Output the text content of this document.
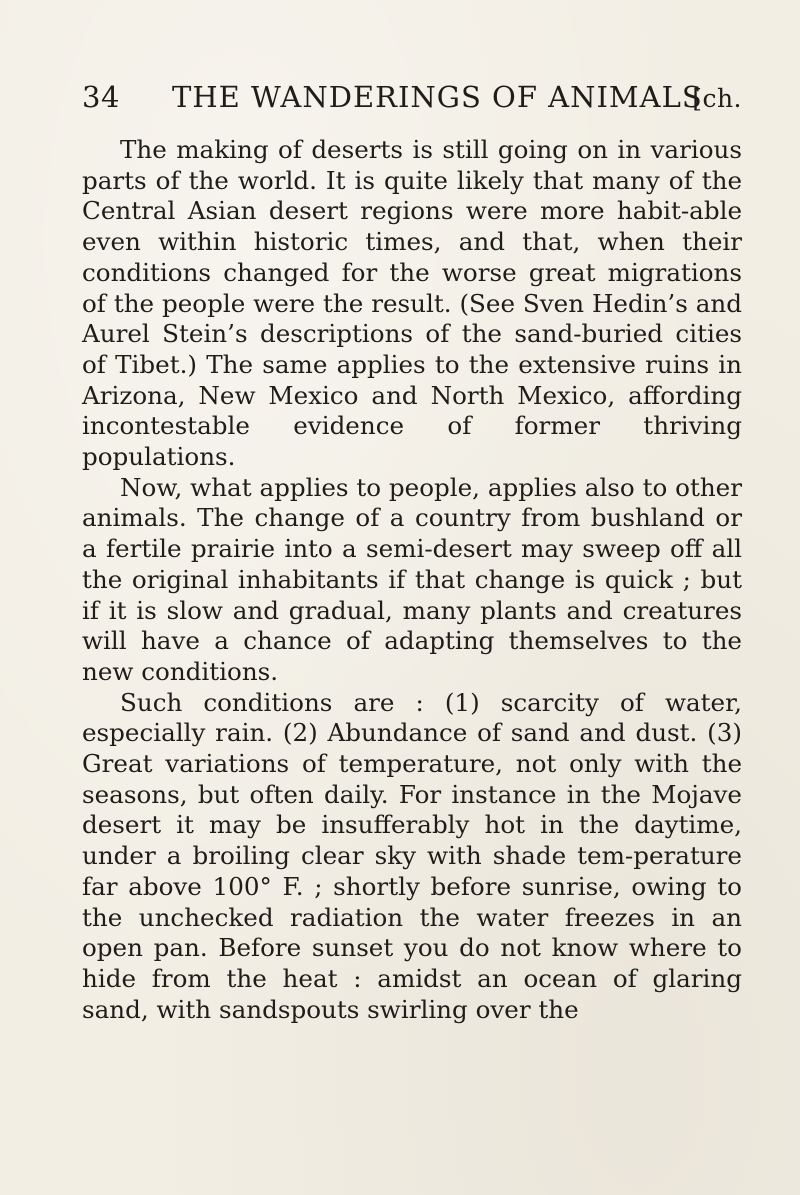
34 THE WANDERINGS OF ANIMALS
[ch.

The making of deserts is still going on in various parts of the world. It is quite likely that many of the Central Asian desert regions were more habit-able even within historic times, and that, when their conditions changed for the worse great migrations of the people were the result. (See Sven Hedin’s and Aurel Stein’s descriptions of the sand-buried cities of Tibet.) The same applies to the extensive ruins in Arizona, New Mexico and North Mexico, affording incontestable evidence of former thriving populations.

Now, what applies to people, applies also to other animals. The change of a country from bushland or a fertile prairie into a semi-desert may sweep off all the original inhabitants if that change is quick ; but if it is slow and gradual, many plants and creatures will have a chance of adapting themselves to the new conditions.

Such conditions are : (1) scarcity of water, especially rain. (2) Abundance of sand and dust. (3) Great variations of temperature, not only with the seasons, but often daily. For instance in the Mojave desert it may be insufferably hot in the daytime, under a broiling clear sky with shade tem-perature far above 100° F. ; shortly before sunrise, owing to the unchecked radiation the water freezes in an open pan. Before sunset you do not know where to hide from the heat : amidst an ocean of glaring sand, with sandspouts swirling over the
